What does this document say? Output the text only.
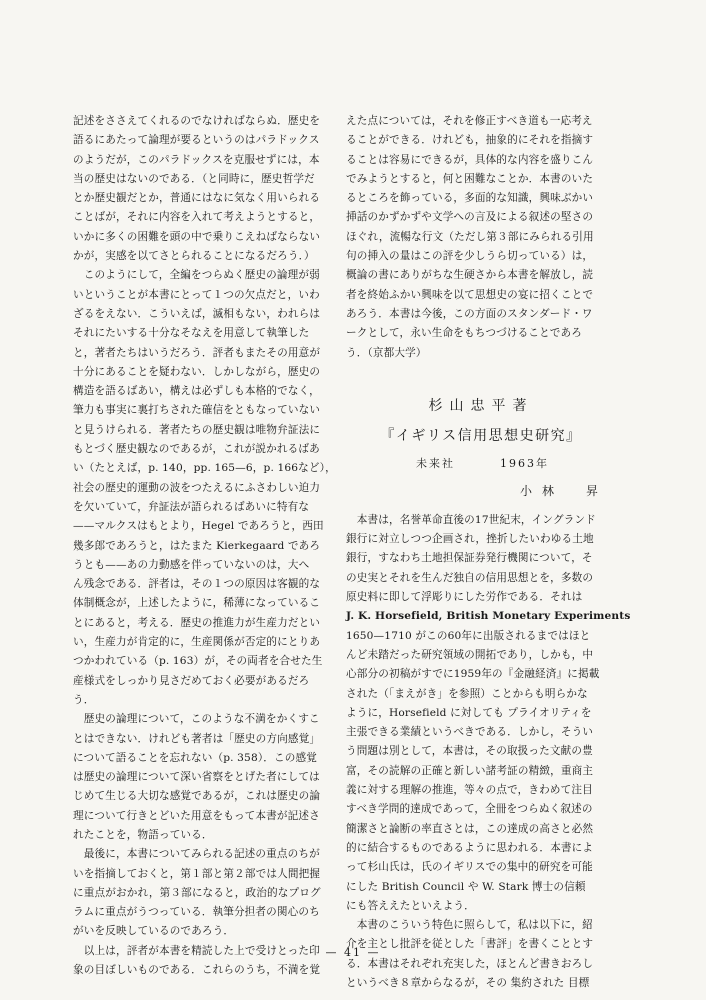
記述をささえてくれるのでなければならぬ．歴史を

語るにあたって論理が要るというのはパラドックス

のようだが，このパラドックスを克服せずには，本

当の歴史はないのである．（と同時に，歴史哲学だ

とか歴史観だとか，普通にはなに気なく用いられる

ことばが，それに内容を入れて考えようとすると，

いかに多くの困難を頭の中で乗りこえねばならない

かが，実感を以てさとられることになるだろう．）

　このようにして，全編をつらぬく歴史の論理が弱

いということが本書にとって１つの欠点だと，いわ

ざるをえない．こういえば，滅相もない，われらは

それにたいする十分なそなえを用意して執筆した

と，著者たちはいうだろう．評者もまたその用意が

十分にあることを疑わない．しかしながら，歴史の

構造を語るばあい，構えは必ずしも本格的でなく，

筆力も事実に裏打ちされた確信をともなっていない

と見うけられる．著者たちの歴史観は唯物弁証法に

もとづく歴史観なのであるが，これが説かれるばあ

い（たとえば，p. 140，pp. 165—6，p. 166など），

社会の歴史的運動の波をつたえるにふさわしい迫力

を欠いていて，弁証法が語られるばあいに特有な

——マルクスはもとより，Hegel であろうと，西田

幾多郎であろうと，はたまた Kierkegaard であろ

うとも——あの力動感を伴っていないのは，大へ

ん残念である．評者は，その１つの原因は客観的な

体制概念が，上述したように，稀薄になっているこ

とにあると，考える．歴史の推進力が生産力だとい

い，生産力が肯定的に，生産関係が否定的にとりあ

つかわれている（p. 163）が，その両者を合せた生

産様式をしっかり見さだめておく必要があるだろ

う．

　歴史の論理について，このような不満をかくすこ

とはできない．けれども著者は「歴史の方向感覚」

について語ることを忘れない（p. 358）．この感覚

は歴史の論理について深い省察をとげた者にしては

じめて生じる大切な感覚であるが，これは歴史の論

理について行きとどいた用意をもって本書が記述さ

れたことを，物語っている．

　最後に，本書についてみられる記述の重点のちが

いを指摘しておくと，第１部と第２部では人間把握

に重点がおかれ，第３部になると，政治的なプログ

ラムに重点がうつっている．執筆分担者の関心のち

がいを反映しているのであろう．

　以上は，評者が本書を精読した上で受けとった印

象の目ぼしいものである．これらのうち，不満を覚

えた点については，それを修正すべき道も一応考え

ることができる．けれども，抽象的にそれを指摘す

ることは容易にできるが，具体的な内容を盛りこん

でみようとすると，何と困難なことか．本書のいた

るところを飾っている，多面的な知識，興味ぶかい

挿話のかずかずや文学への言及による叙述の堅さの

ほぐれ，流暢な行文（ただし第３部にみられる引用

句の挿入の量はこの評を少しうら切っている）は，

概論の書にありがちな生硬さから本書を解放し，読

者を終始ふかい興味を以て思想史の宴に招くことで

あろう．本書は今後，この方面のスタンダード・ワ

ークとして，永い生命をもちつづけることであろ

う．（京都大学）

杉山忠平著
『イギリス信用思想史研究』
未来社	1963年
小林　昇

　本書は，名誉革命直後の17世紀末，イングランド

銀行に対立しつつ企画され，挫折したいわゆる土地

銀行，すなわち土地担保証券発行機関について，そ

の史実とそれを生んだ独自の信用思想とを，多数の

原史料に即して浮彫りにした労作である．それは

J. K. Horsefield, British Monetary Experiments

1650—1710 がこの60年に出版されるまではほと

んど未踏だった研究領域の開拓であり，しかも，中

心部分の初稿がすでに1959年の『金融経済』に掲載

された（「まえがき」を参照）ことからも明らかな

ように，Horsefield に対しても プライオリティを

主張できる業績というべきである．しかし，そうい

う問題は別として，本書は，その取扱った文献の豊

富，その読解の正確と新しい諸考証の精緻，重商主

義に対する理解の推進，等々の点で，きわめて注目

すべき学問的達成であって，全冊をつらぬく叙述の

簡潔さと論断の率直さとは，この達成の高さと必然

的に結合するものであるように思われる．本書によ

って杉山氏は，氏のイギリスでの集中的研究を可能

にした British Council や W. Stark 博士の信頼

にも答ええたといえよう．

　本書のこういう特色に照らして，私は以下に，紹

介を主とし批評を従とした「書評」を書くこととす

る．本書はそれぞれ充実した，ほとんど書きおろし

というべき８章からなるが，その 集約された 目標

— 41 —
